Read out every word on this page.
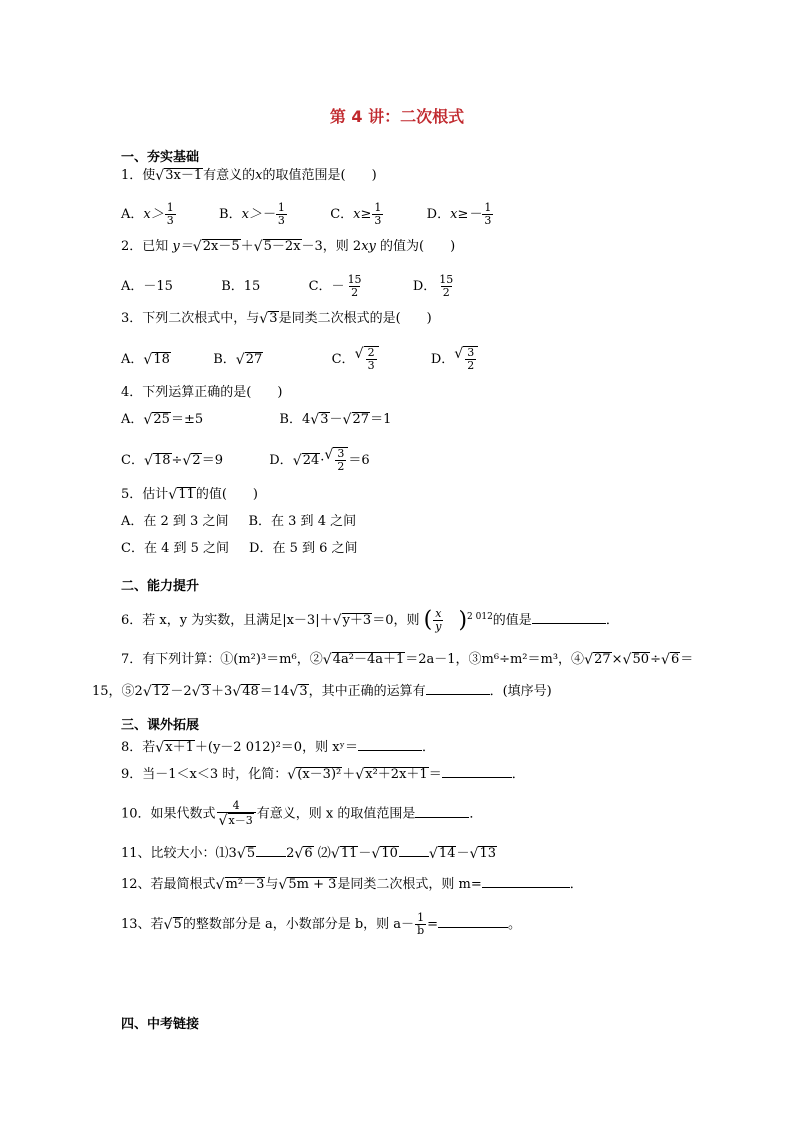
第 4 讲：二次根式
一、夯实基础
1．使 √ 3x－1有意义的x的取值范围是(　　)
A．$x> \frac{1}{3}$	B．$x>- \frac{1}{3}$	C．$x\ge \frac{1}{3}$	D．$x\ge- \frac{1}{3}$
2．已知 y＝ √ 2x－5＋ √ 5－2x－3，则 2xy 的值为(　　)
A．－15	B．15	C．－ $\frac{15}{2}$	D． $\frac{15}{2}$
3．下列二次根式中，与 √ 3是同类二次根式的是(　　)
A． √ 18	B． √ 27	C． √ $\frac{2}{3}$	D． √ $\frac{3}{2}$
4．下列运算正确的是(　　)
A． √ 25＝±5	B．4 √ 3－ √ 27＝1
C． √ 18÷ √ 2＝9	D． √ 24· √ $\frac{3}{2} =6$
5．估计 √ 11的值(　　)
A．在 2 到 3 之间 B．在 3 到 4 之间
C．在 4 到 5 之间 D．在 5 到 6 之间
二、能力提升
6．若 x，y 为实数，且满足|x－3|＋ √ y＋3＝0，则 ( $\frac{x}{y} )^{2 012}$的值是	．
7．有下列计算：①(m²)³＝m⁶，② √ 4a²－4a＋1＝2a－1，③m⁶÷m²＝m³，④ √ 27× √ 50÷ √ 6＝
15，⑤2 √ 12－2 √ 3＋3 √ 48＝14 √ 3，其中正确的运算有	．(填序号)
三、课外拓展
8．若 √ x＋1＋(y－2 012)²＝0，则 xʸ＝	．
9．当－1＜x＜3 时，化简： √ (x－3)²＋ √ x²＋2x＋1＝	．
10．如果代数式 4
√ x－3 有意义，则 x 的取值范围是	．
11、比较大小：⑴3 √ 5 2 √ 6 ⑵ √ 11－ √ 10	√ 14－ √ 13
12、若最简根式 √ m²－3与 √ 5m + 3是同类二次根式，则 m=	．
13、若 √ 5的整数部分是 a，小数部分是 b，则 $a- \frac{1}{b}$ =	。
四、中考链接
